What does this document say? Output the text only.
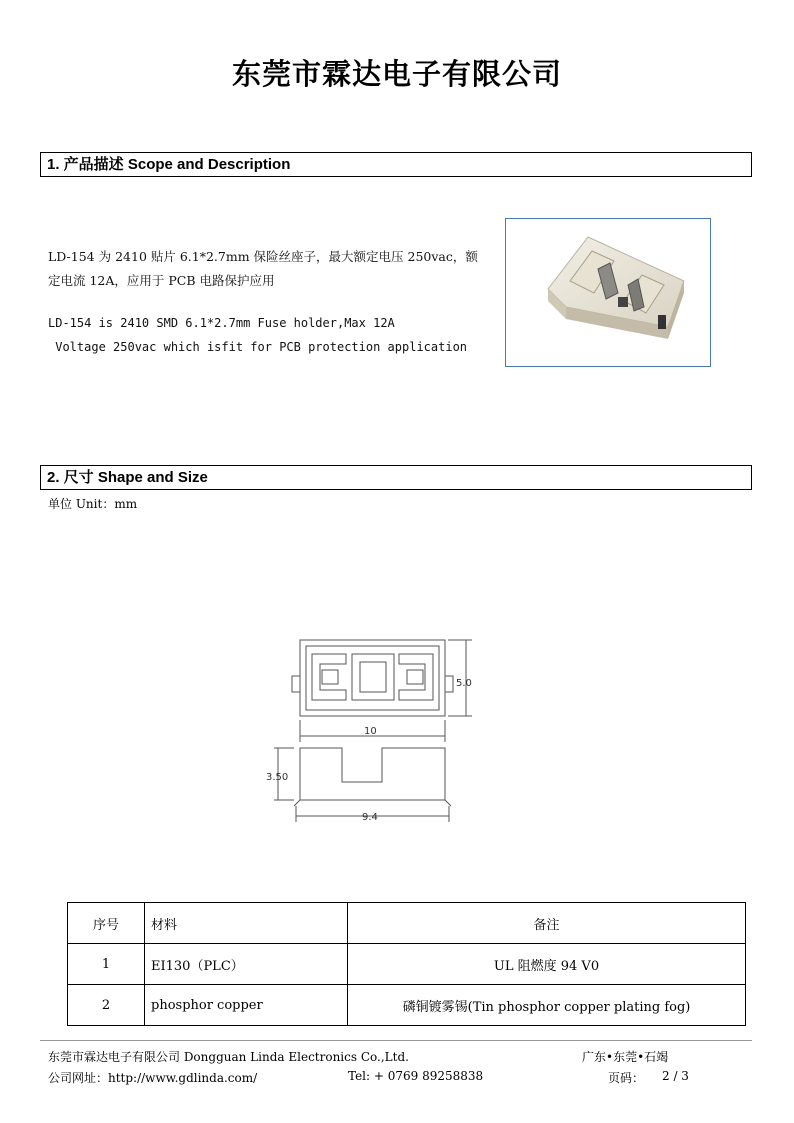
东莞市霖达电子有限公司
1. 产品描述 Scope and Description
LD-154 为 2410 贴片 6.1*2.7mm 保险丝座子，最大额定电压 250vac，额
定电流 12A，应用于 PCB 电路保护应用
LD-154 is 2410 SMD 6.1*2.7mm Fuse holder,Max 12A
Voltage 250vac which isfit for PCB protection application
2. 尺寸 Shape and Size
单位 Unit：mm
5.0
10
3.50
9.4
序号	材料	备注
1	EI130（PLC）	UL 阻燃度 94 V0
2	phosphor copper	磷铜镀雾锡(Tin phosphor copper plating fog)
东莞市霖达电子有限公司 Dongguan Linda Electronics Co.,Ltd.	广东•东莞•石竭
公司网址：http://www.gdlinda.com/	Tel: + 0769 89258838	页码： 2 / 3
